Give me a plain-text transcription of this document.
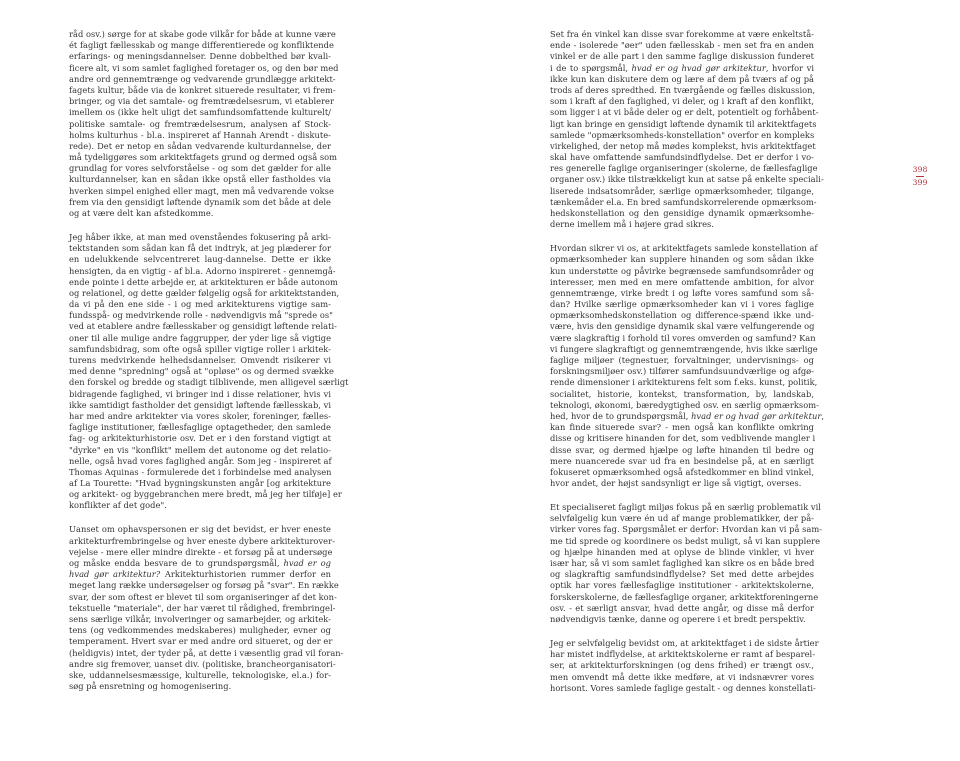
råd osv.) sørge for at skabe gode vilkår for både at kunne være
ét fagligt fællesskab og mange differentierede og konfliktende
erfarings- og meningsdannelser. Denne dobbelthed bør kvali-
ficere alt, vi som samlet faglighed foretager os, og den bør med
andre ord gennemtrænge og vedvarende grundlægge arkitekt-
fagets kultur, både via de konkret situerede resultater, vi frem-
bringer, og via det samtale- og fremtrædelsesrum, vi etablerer
imellem os (ikke helt uligt det samfundsomfattende kulturelt/
politiske samtale- og fremtrædelsesrum, analysen af Stock-
holms kulturhus - bl.a. inspireret af Hannah Arendt - diskute-
rede). Det er netop en sådan vedvarende kulturdannelse, der
må tydeliggøres som arkitektfagets grund og dermed også som
grundlag for vores selvforståelse - og som det gælder for alle
kulturdannelser, kan en sådan ikke opstå eller fastholdes via
hverken simpel enighed eller magt, men må vedvarende vokse
frem via den gensidigt løftende dynamik som det både at dele
og at være delt kan afstedkomme.
Jeg håber ikke, at man med ovenståendes fokusering på arki-
tektstanden som sådan kan få det indtryk, at jeg plæderer for
en udelukkende selvcentreret laug-dannelse. Dette er ikke
hensigten, da en vigtig - af bl.a. Adorno inspireret - gennemgå-
ende pointe i dette arbejde er, at arkitekturen er både autonom
og relationel, og dette gælder følgelig også for arkitektstanden,
da vi på den ene side - i og med arkitekturens vigtige sam-
fundsspå- og medvirkende rolle - nødvendigvis må "sprede os"
ved at etablere andre fællesskaber og gensidigt løftende relati-
oner til alle mulige andre faggrupper, der yder lige så vigtige
samfundsbidrag, som ofte også spiller vigtige roller i arkitek-
turens medvirkende helhedsdannelser. Omvendt risikerer vi
med denne "spredning" også at "opløse" os og dermed svække
den forskel og bredde og stadigt tilblivende, men alligevel særligt
bidragende faglighed, vi bringer ind i disse relationer, hvis vi
ikke samtidigt fastholder det gensidigt løftende fællesskab, vi
har med andre arkitekter via vores skoler, foreninger, fælles-
faglige institutioner, fællesfaglige optagetheder, den samlede
fag- og arkitekturhistorie osv. Det er i den forstand vigtigt at
"dyrke" en vis "konflikt" mellem det autonome og det relatio-
nelle, også hvad vores faglighed angår. Som jeg - inspireret af
Thomas Aquinas - formulerede det i forbindelse med analysen
af La Tourette: "Hvad bygningskunsten angår [og arkitekture
og arkitekt- og byggebranchen mere bredt, må jeg her tilføje] er
konflikter af det gode".
Uanset om ophavspersonen er sig det bevidst, er hver eneste
arkitekturfrembringelse og hver eneste dybere arkitekturover-
vejelse - mere eller mindre direkte - et forsøg på at undersøge
og måske endda besvare de to grundspørgsmål, hvad er og
hvad gør arkitektur? Arkitekturhistorien rummer derfor en
meget lang række undersøgelser og forsøg på "svar". En række
svar, der som oftest er blevet til som organiseringer af det kon-
tekstuelle "materiale", der har været til rådighed, frembringel-
sens særlige vilkår, involveringer og samarbejder, og arkitek-
tens (og vedkommendes medskaberes) muligheder, evner og
temperament. Hvert svar er med andre ord situeret, og der er
(heldigvis) intet, der tyder på, at dette i væsentlig grad vil foran-
andre sig fremover, uanset div. (politiske, brancheorganisatori-
ske, uddannelsesmæssige, kulturelle, teknologiske, el.a.) for-
søg på ensretning og homogenisering.
Set fra én vinkel kan disse svar forekomme at være enkeltstå-
ende - isolerede "øer" uden fællesskab - men set fra en anden
vinkel er de alle part i den samme faglige diskussion funderet
i de to spørgsmål, hvad er og hvad gør arkitektur, hvorfor vi
ikke kun kan diskutere dem og lære af dem på tværs af og på
trods af deres spredthed. En tværgående og fælles diskussion,
som i kraft af den faglighed, vi deler, og i kraft af den konflikt,
som ligger i at vi både deler og er delt, potentielt og forhåbent-
ligt kan bringe en gensidigt løftende dynamik til arkitektfagets
samlede "opmærksomheds-konstellation" overfor en kompleks
virkelighed, der netop må mødes komplekst, hvis arkitektfaget
skal have omfattende samfundsindflydelse. Det er derfor i vo-
res generelle faglige organiseringer (skolerne, de fællesfaglige
organer osv.) ikke tilstrækkeligt kun at satse på enkelte speciali-
liserede indsatsområder, særlige opmærksomheder, tilgange,
tænkemåder el.a. En bred samfundskorrelerende opmærksom-
hedskonstellation og den gensidige dynamik opmærksomhe-
derne imellem må i højere grad sikres.
Hvordan sikrer vi os, at arkitektfagets samlede konstellation af
opmærksomheder kan supplere hinanden og som sådan ikke
kun understøtte og påvirke begrænsede samfundsområder og
interesser, men med en mere omfattende ambition, for alvor
gennemtrænge, virke bredt i og løfte vores samfund som så-
dan? Hvilke særlige opmærksomheder kan vi i vores faglige
opmærksomhedskonstellation og difference-spænd ikke und-
være, hvis den gensidige dynamik skal være velfungerende og
være slagkraftig i forhold til vores omverden og samfund? Kan
vi fungere slagkraftigt og gennemtrængende, hvis ikke særlige
faglige miljøer (tegnestuer, forvaltninger, undervisnings- og
forskningsmiljøer osv.) tilfører samfundsuundværlige og afgø-
rende dimensioner i arkitekturens felt som f.eks. kunst, politik,
socialitet, historie, kontekst, transformation, by, landskab,
teknologi, økonomi, bæredygtighed osv. en særlig opmærksom-
hed, hvor de to grundspørgsmål, hvad er og hvad gør arkitektur,
kan finde situerede svar? - men også kan konflikte omkring
disse og kritisere hinanden for det, som vedblivende mangler i
disse svar, og dermed hjælpe og løfte hinanden til bedre og
mere nuancerede svar ud fra en besindelse på, at en særligt
fokuseret opmærksomhed også afstedkommer en blind vinkel,
hvor andet, der højst sandsynligt er lige så vigtigt, overses.
Et specialiseret fagligt miljøs fokus på en særlig problematik vil
selvfølgelig kun være én ud af mange problematikker, der på-
virker vores fag. Spørgsmålet er derfor: Hvordan kan vi på sam-
me tid sprede og koordinere os bedst muligt, så vi kan supplere
og hjælpe hinanden med at oplyse de blinde vinkler, vi hver
især har, så vi som samlet faglighed kan sikre os en både bred
og slagkraftig samfundsindflydelse? Set med dette arbejdes
optik har vores fællesfaglige institutioner - arkitektskolerne,
forskerskolerne, de fællesfaglige organer, arkitektforeningerne
osv. - et særligt ansvar, hvad dette angår, og disse må derfor
nødvendigvis tænke, danne og operere i et bredt perspektiv.
Jeg er selvfølgelig bevidst om, at arkitektfaget i de sidste årtier
har mistet indflydelse, at arkitektskolerne er ramt af besparel-
ser, at arkitekturforskningen (og dens frihed) er trængt osv.,
men omvendt må dette ikke medføre, at vi indsnævrer vores
horisont. Vores samlede faglige gestalt - og dennes konstellati-
398
399
